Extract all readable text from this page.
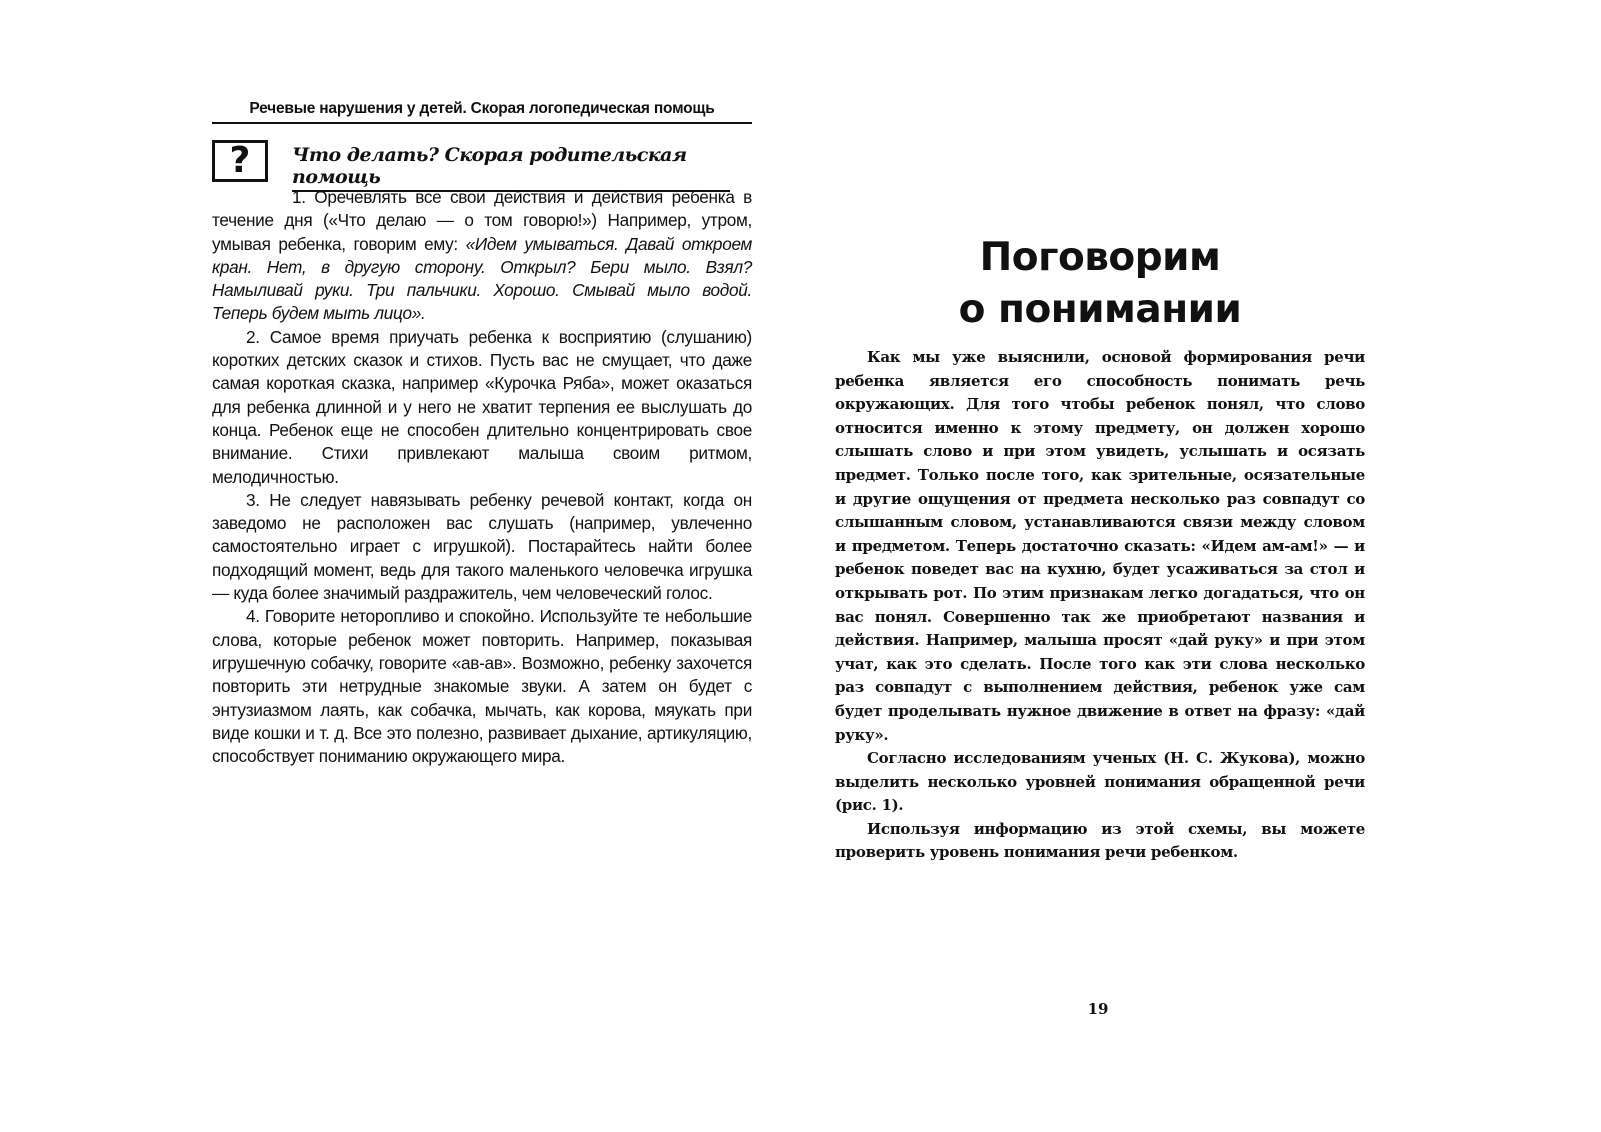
Речевые нарушения у детей. Скорая логопедическая помощь
?	Что делать? Скорая родительская помощь

1. Оречевлять все свои действия и действия ребенка в течение дня («Что делаю — о том говорю!») Например, утром, умывая ребенка, говорим ему: «Идем умываться. Давай откроем кран. Нет, в другую сторону. Открыл? Бери мыло. Взял? Намыливай руки. Три пальчики. Хорошо. Смывай мыло водой. Теперь будем мыть лицо».

2. Самое время приучать ребенка к восприятию (слушанию) коротких детских сказок и стихов. Пусть вас не смущает, что даже самая короткая сказка, например «Курочка Ряба», может оказаться для ребенка длинной и у него не хватит терпения ее выслушать до конца. Ребенок еще не способен длительно концентрировать свое внимание. Стихи привлекают малыша своим ритмом, мелодичностью.

3. Не следует навязывать ребенку речевой контакт, когда он заведомо не расположен вас слушать (например, увлеченно самостоятельно играет с игрушкой). Постарайтесь найти более подходящий момент, ведь для такого маленького человечка игрушка — куда более значимый раздражитель, чем человеческий голос.

4. Говорите неторопливо и спокойно. Используйте те небольшие слова, которые ребенок может повторить. Например, показывая игрушечную собачку, говорите «ав-ав». Возможно, ребенку захочется повторить эти нетрудные знакомые звуки. А затем он будет с энтузиазмом лаять, как собачка, мычать, как корова, мяукать при виде кошки и т. д. Все это полезно, развивает дыхание, артикуляцию, способствует пониманию окружающего мира.

Поговорим
о понимании

Как мы уже выяснили, основой формирования речи ребенка является его способность понимать речь окружающих. Для того чтобы ребенок понял, что слово относится именно к этому предмету, он должен хорошо слышать слово и при этом увидеть, услышать и осязать предмет. Только после того, как зрительные, осязательные и другие ощущения от предмета несколько раз совпадут со слышанным словом, устанавливаются связи между словом и предметом. Теперь достаточно сказать: «Идем ам-ам!» — и ребенок поведет вас на кухню, будет усаживаться за стол и открывать рот. По этим признакам легко догадаться, что он вас понял. Совершенно так же приобретают названия и действия. Например, малыша просят «дай руку» и при этом учат, как это сделать. После того как эти слова несколько раз совпадут с выполнением действия, ребенок уже сам будет проделывать нужное движение в ответ на фразу: «дай руку».

Согласно исследованиям ученых (Н. С. Жукова), можно выделить несколько уровней понимания обращенной речи (рис. 1).

Используя информацию из этой схемы, вы можете проверить уровень понимания речи ребенком.

19
